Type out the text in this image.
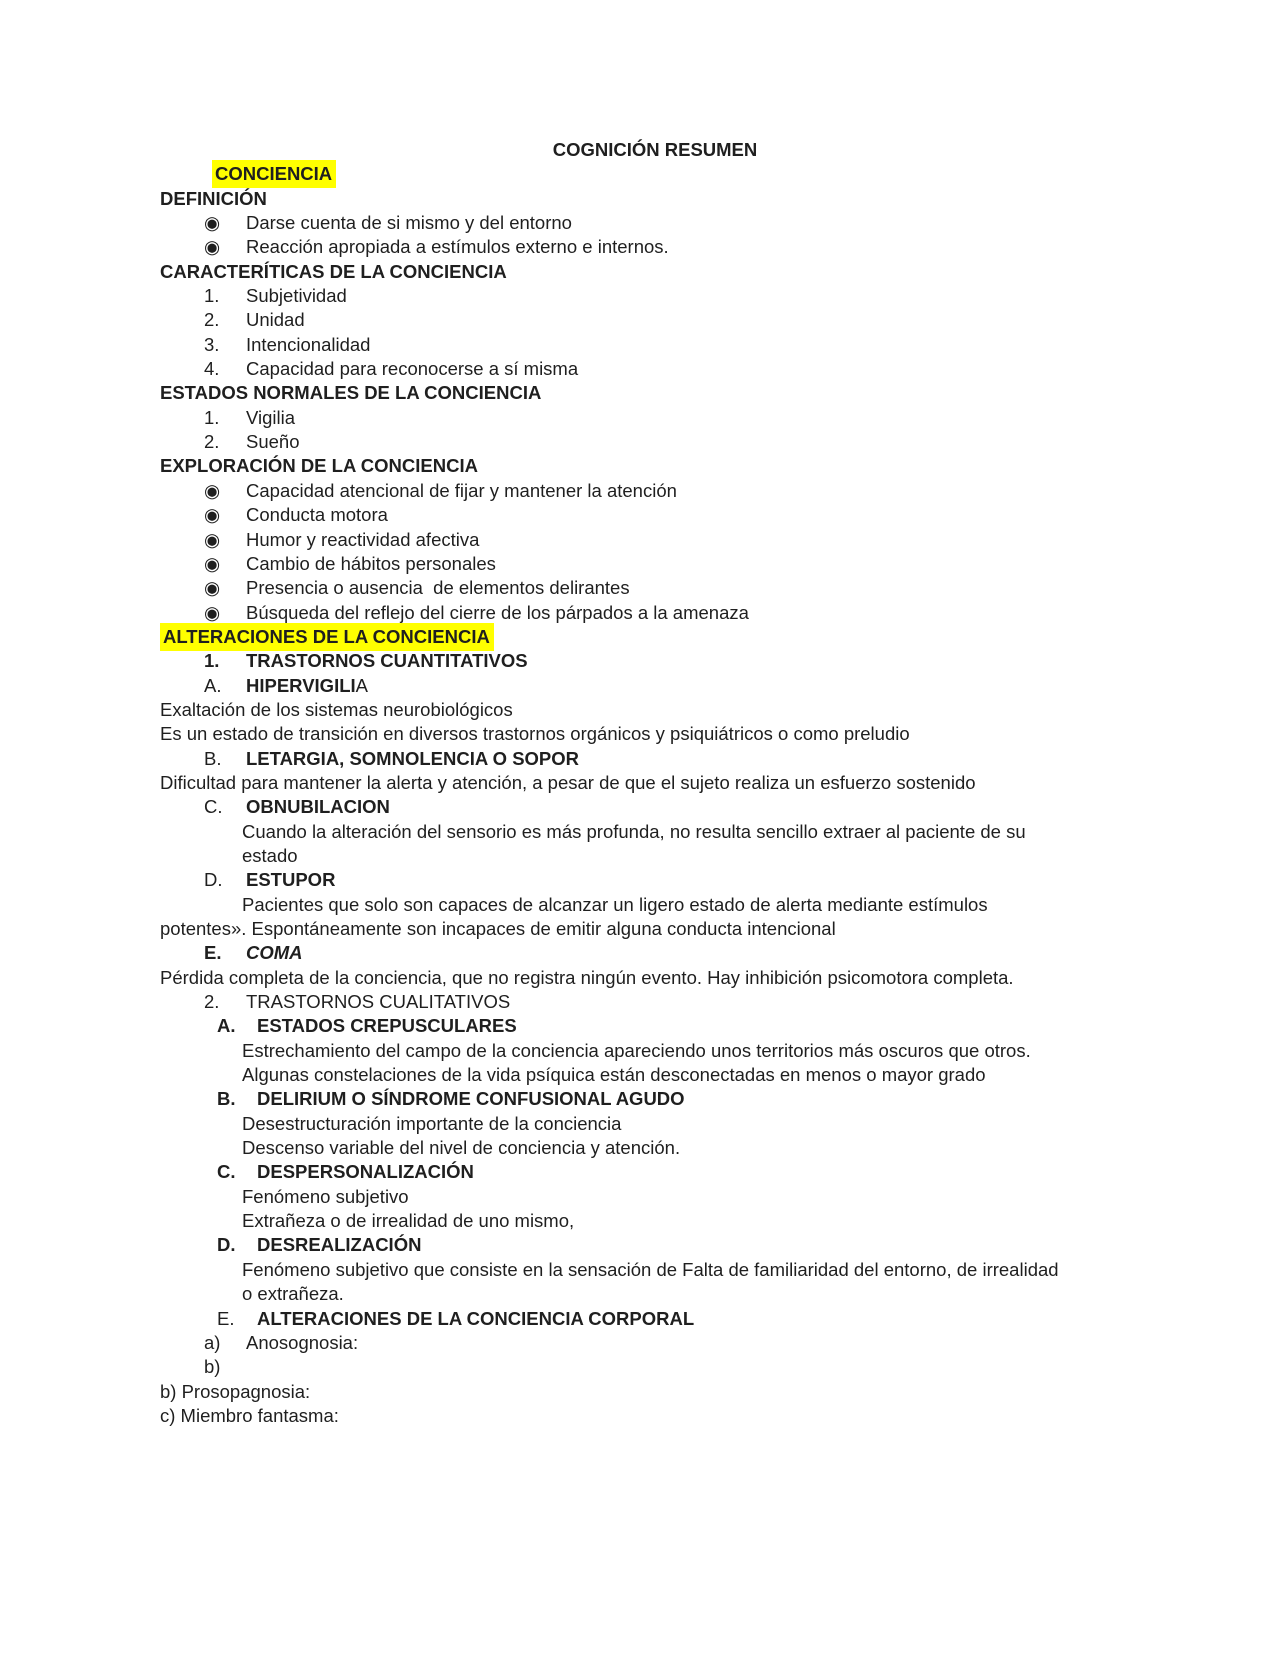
COGNICIÓN RESUMEN
CONCIENCIA
DEFINICIÓN
◉	Darse cuenta de si mismo y del entorno
◉	Reacción apropiada a estímulos externo e internos.
CARACTERÍTICAS DE LA CONCIENCIA
1.	Subjetividad
2.	Unidad
3.	Intencionalidad
4.	Capacidad para reconocerse a sí misma
ESTADOS NORMALES DE LA CONCIENCIA
1.	Vigilia
2.	Sueño
EXPLORACIÓN DE LA CONCIENCIA
◉	Capacidad atencional de fijar y mantener la atención
◉	Conducta motora
◉	Humor y reactividad afectiva
◉	Cambio de hábitos personales
◉	Presencia o ausencia  de elementos delirantes
◉	Búsqueda del reflejo del cierre de los párpados a la amenaza
ALTERACIONES DE LA CONCIENCIA
1.	TRASTORNOS CUANTITATIVOS
A.	HIPERVIGILIA
Exaltación de los sistemas neurobiológicos
Es un estado de transición en diversos trastornos orgánicos y psiquiátricos o como preludio
B.	LETARGIA, SOMNOLENCIA O SOPOR
Dificultad para mantener la alerta y atención, a pesar de que el sujeto realiza un esfuerzo sostenido
C.	OBNUBILACION
Cuando la alteración del sensorio es más profunda, no resulta sencillo extraer al paciente de su
estado
D.	ESTUPOR
Pacientes que solo son capaces de alcanzar un ligero estado de alerta mediante estímulos
potentes». Espontáneamente son incapaces de emitir alguna conducta intencional
E.	COMA
Pérdida completa de la conciencia, que no registra ningún evento. Hay inhibición psicomotora completa.
2.	TRASTORNOS CUALITATIVOS
A.	ESTADOS CREPUSCULARES
Estrechamiento del campo de la conciencia apareciendo unos territorios más oscuros que otros.
Algunas constelaciones de la vida psíquica están desconectadas en menos o mayor grado
B.	DELIRIUM O SÍNDROME CONFUSIONAL AGUDO
Desestructuración importante de la conciencia
Descenso variable del nivel de conciencia y atención.
C.	DESPERSONALIZACIÓN
Fenómeno subjetivo
Extrañeza o de irrealidad de uno mismo,
D.	DESREALIZACIÓN
Fenómeno subjetivo que consiste en la sensación de Falta de familiaridad del entorno, de irrealidad
o extrañeza.
E.	ALTERACIONES DE LA CONCIENCIA CORPORAL
a)	Anosognosia:
b)
b) Prosopagnosia:
c) Miembro fantasma:
